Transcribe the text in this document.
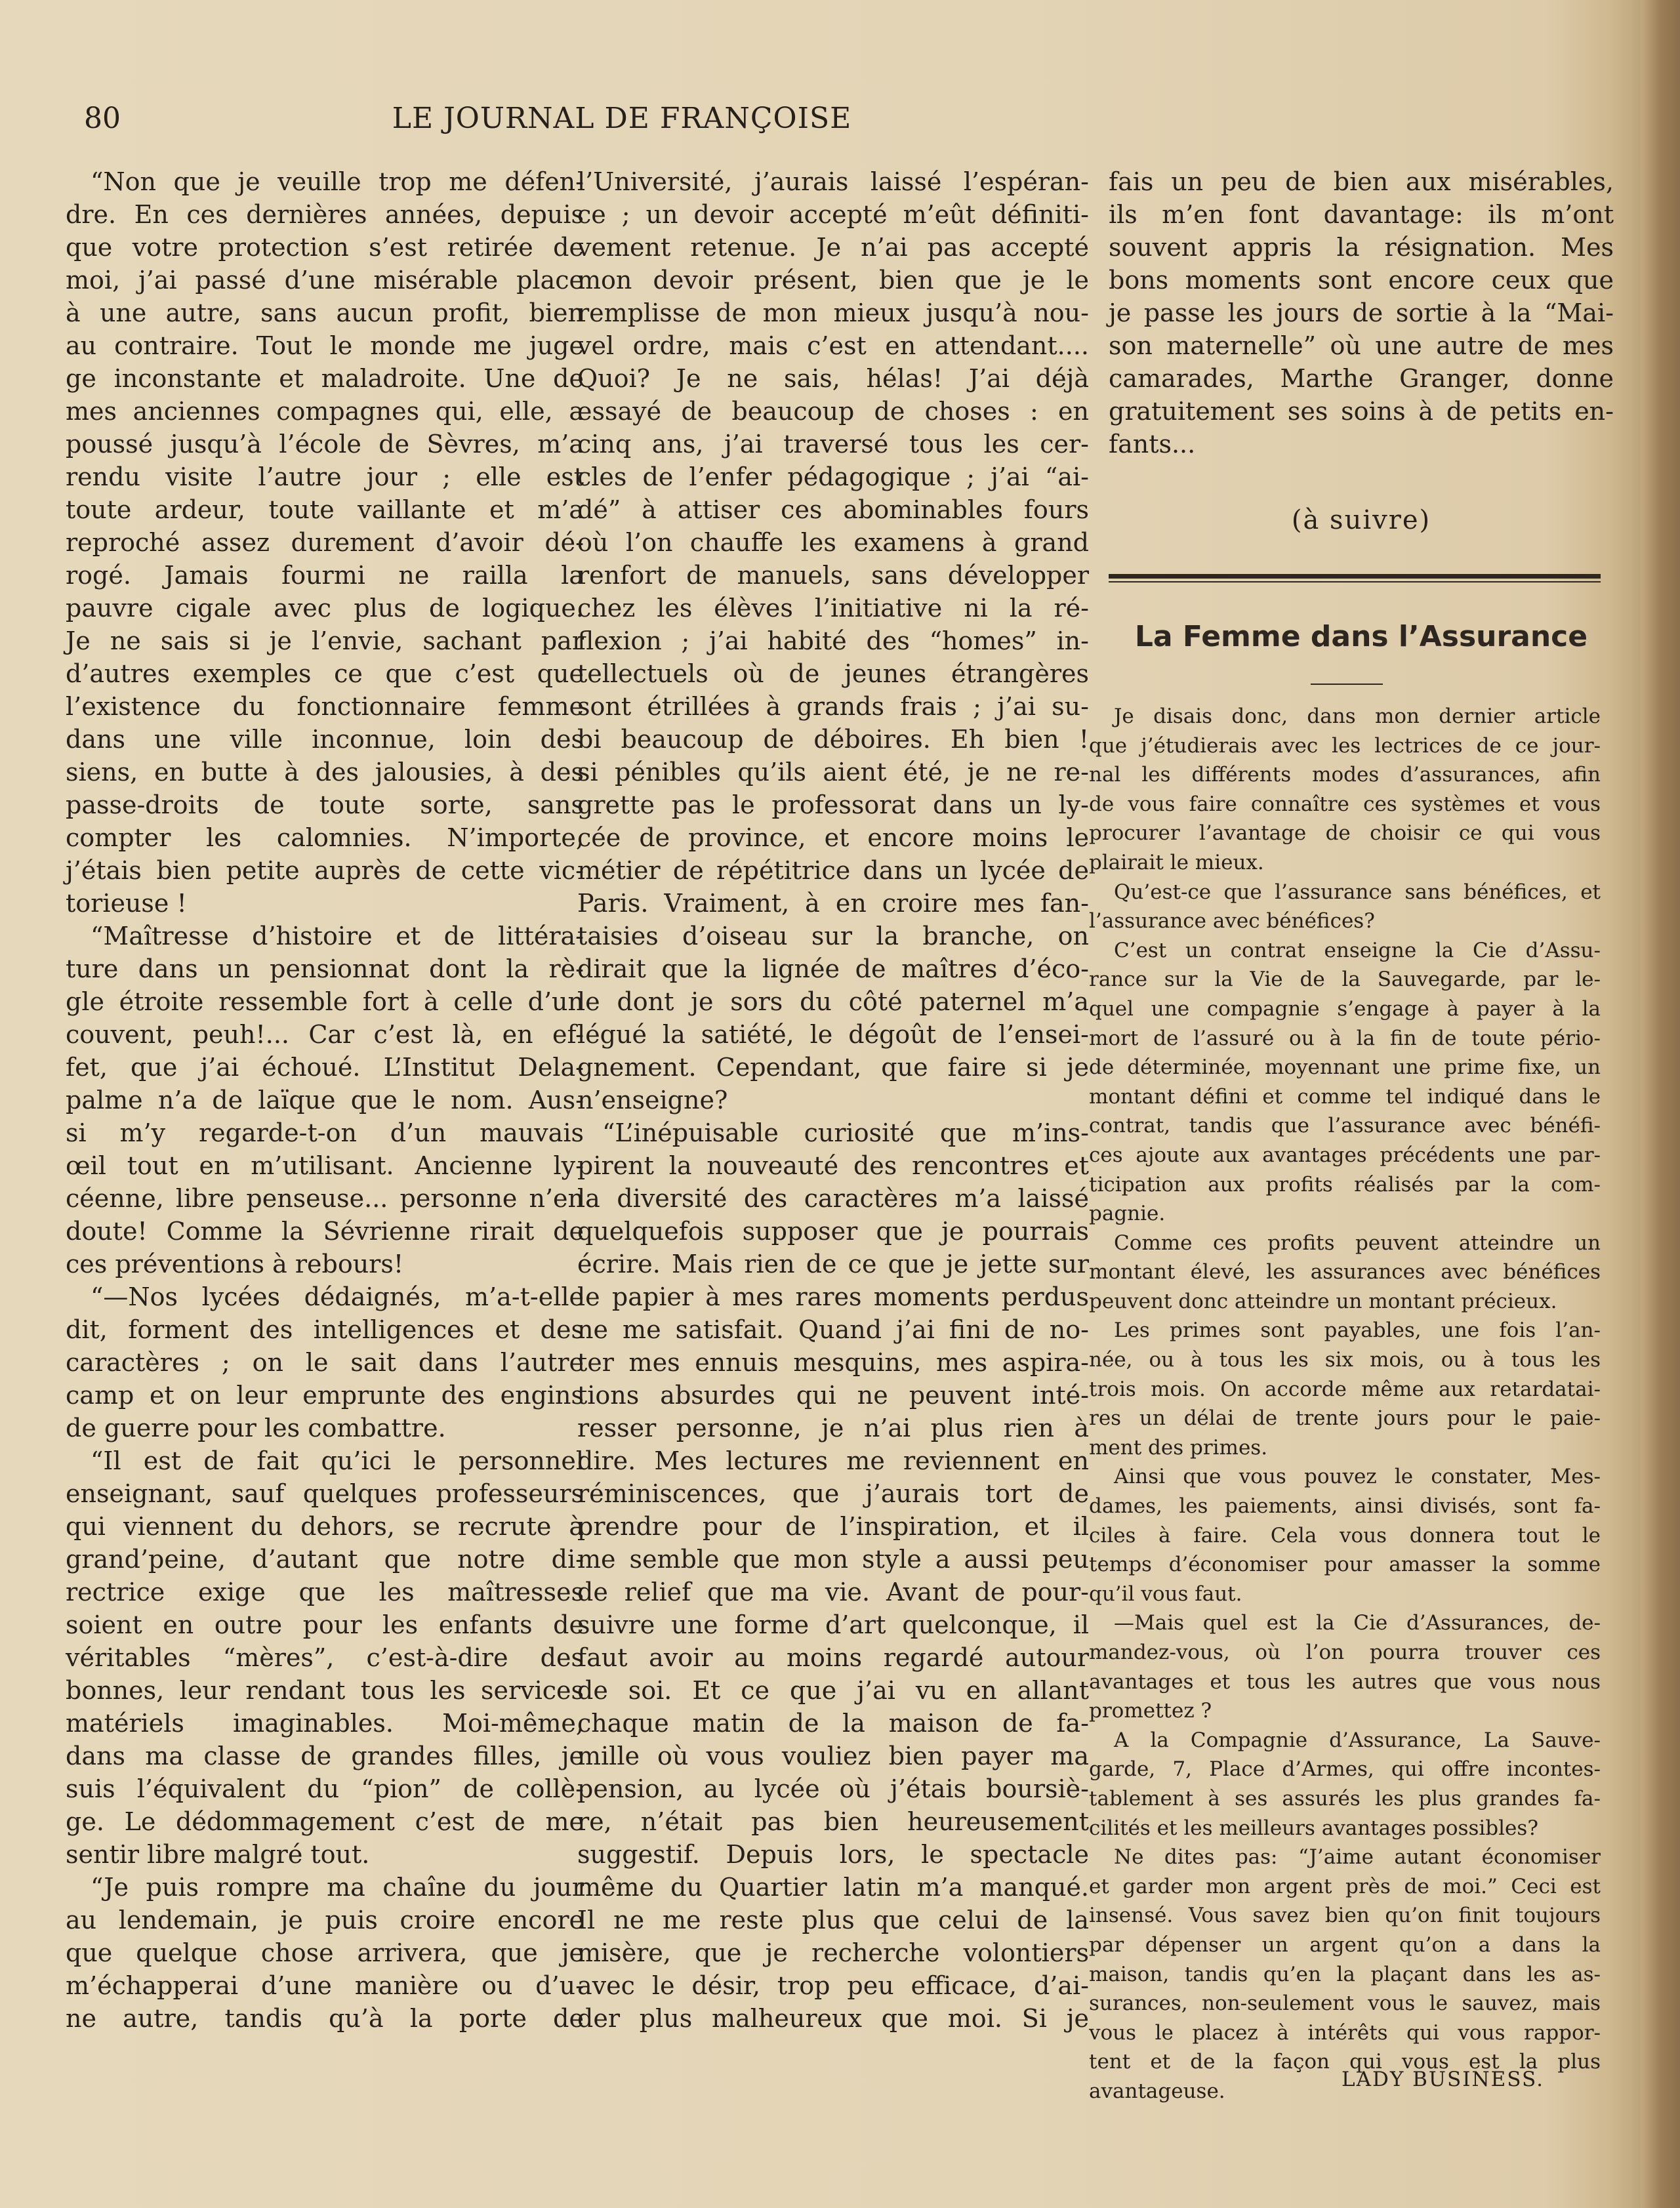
80	LE JOURNAL DE FRANÇOISE
“Non que je veuille trop me défen-
dre. En ces dernières années, depuis
que votre protection s’est retirée de
moi, j’ai passé d’une misérable place
à une autre, sans aucun profit, bien
au contraire. Tout le monde me juge
ge inconstante et maladroite. Une de
mes anciennes compagnes qui, elle, a
poussé jusqu’à l’école de Sèvres, m’a
rendu visite l’autre jour ; elle est
toute ardeur, toute vaillante et m’a
reproché assez durement d’avoir dé-
rogé. Jamais fourmi ne railla la
pauvre cigale avec plus de logique.
Je ne sais si je l’envie, sachant par
d’autres exemples ce que c’est que
l’existence du fonctionnaire femme
dans une ville inconnue, loin des
siens, en butte à des jalousies, à des
passe-droits de toute sorte, sans
compter les calomnies. N’importe,
j’étais bien petite auprès de cette vic-
torieuse !
“Maîtresse d’histoire et de littéra-
ture dans un pensionnat dont la rè-
gle étroite ressemble fort à celle d’un
couvent, peuh!... Car c’est là, en ef-
fet, que j’ai échoué. L’Institut Dela-
palme n’a de laïque que le nom. Aus-
si m’y regarde-t-on d’un mauvais
œil tout en m’utilisant. Ancienne ly-
céenne, libre penseuse... personne n’en
doute! Comme la Sévrienne rirait de
ces préventions à rebours!
“—Nos lycées dédaignés, m’a-t-elle
dit, forment des intelligences et des
caractères ; on le sait dans l’autre
camp et on leur emprunte des engins
de guerre pour les combattre.
“Il est de fait qu’ici le personnel
enseignant, sauf quelques professeurs
qui viennent du dehors, se recrute à
grand’peine, d’autant que notre di-
rectrice exige que les maîtresses
soient en outre pour les enfants de
véritables “mères”, c’est-à-dire des
bonnes, leur rendant tous les services
matériels imaginables. Moi-même,
dans ma classe de grandes filles, je
suis l’équivalent du “pion” de collè-
ge. Le dédommagement c’est de me
sentir libre malgré tout.
“Je puis rompre ma chaîne du jour
au lendemain, je puis croire encore
que quelque chose arrivera, que je
m’échapperai d’une manière ou d’u-
ne autre, tandis qu’à la porte de
l’Université, j’aurais laissé l’espéran-
ce ; un devoir accepté m’eût définiti-
vement retenue. Je n’ai pas accepté
mon devoir présent, bien que je le
remplisse de mon mieux jusqu’à nou-
vel ordre, mais c’est en attendant....
Quoi? Je ne sais, hélas! J’ai déjà
essayé de beaucoup de choses : en
cinq ans, j’ai traversé tous les cer-
cles de l’enfer pédagogique ; j’ai “ai-
dé” à attiser ces abominables fours
où l’on chauffe les examens à grand
renfort de manuels, sans développer
chez les élèves l’initiative ni la ré-
flexion ; j’ai habité des “homes” in-
tellectuels où de jeunes étrangères
sont étrillées à grands frais ; j’ai su-
bi beaucoup de déboires. Eh bien !
si pénibles qu’ils aient été, je ne re-
grette pas le professorat dans un ly-
cée de province, et encore moins le
métier de répétitrice dans un lycée de
Paris. Vraiment, à en croire mes fan-
taisies d’oiseau sur la branche, on
dirait que la lignée de maîtres d’éco-
le dont je sors du côté paternel m’a
légué la satiété, le dégoût de l’ensei-
gnement. Cependant, que faire si je
n’enseigne?
“L’inépuisable curiosité que m’ins-
pirent la nouveauté des rencontres et
la diversité des caractères m’a laissé
quelquefois supposer que je pourrais
écrire. Mais rien de ce que je jette sur
le papier à mes rares moments perdus
ne me satisfait. Quand j’ai fini de no-
ter mes ennuis mesquins, mes aspira-
tions absurdes qui ne peuvent inté-
resser personne, je n’ai plus rien à
dire. Mes lectures me reviennent en
réminiscences, que j’aurais tort de
prendre pour de l’inspiration, et il
me semble que mon style a aussi peu
de relief que ma vie. Avant de pour-
suivre une forme d’art quelconque, il
faut avoir au moins regardé autour
de soi. Et ce que j’ai vu en allant
chaque matin de la maison de fa-
mille où vous vouliez bien payer ma
pension, au lycée où j’étais boursiè-
re, n’était pas bien heureusement
suggestif. Depuis lors, le spectacle
même du Quartier latin m’a manqué.
Il ne me reste plus que celui de la
misère, que je recherche volontiers
avec le désir, trop peu efficace, d’ai-
der plus malheureux que moi. Si je
fais un peu de bien aux misérables,
ils m’en font davantage: ils m’ont
souvent appris la résignation. Mes
bons moments sont encore ceux que
je passe les jours de sortie à la “Mai-
son maternelle” où une autre de mes
camarades, Marthe Granger, donne
gratuitement ses soins à de petits en-
fants...
(à suivre)
La Femme dans l’Assurance
Je disais donc, dans mon dernier article
que j’étudierais avec les lectrices de ce jour-
nal les différents modes d’assurances, afin
de vous faire connaître ces systèmes et vous
procurer l’avantage de choisir ce qui vous
plairait le mieux.
Qu’est-ce que l’assurance sans bénéfices, et
l’assurance avec bénéfices?
C’est un contrat enseigne la Cie d’Assu-
rance sur la Vie de la Sauvegarde, par le-
quel une compagnie s’engage à payer à la
mort de l’assuré ou à la fin de toute pério-
de déterminée, moyennant une prime fixe, un
montant défini et comme tel indiqué dans le
contrat, tandis que l’assurance avec bénéfi-
ces ajoute aux avantages précédents une par-
ticipation aux profits réalisés par la com-
pagnie.
Comme ces profits peuvent atteindre un
montant élevé, les assurances avec bénéfices
peuvent donc atteindre un montant précieux.
Les primes sont payables, une fois l’an-
née, ou à tous les six mois, ou à tous les
trois mois. On accorde même aux retardatai-
res un délai de trente jours pour le paie-
ment des primes.
Ainsi que vous pouvez le constater, Mes-
dames, les paiements, ainsi divisés, sont fa-
ciles à faire. Cela vous donnera tout le
temps d’économiser pour amasser la somme
qu’il vous faut.
—Mais quel est la Cie d’Assurances, de-
mandez-vous, où l’on pourra trouver ces
avantages et tous les autres que vous nous
promettez ?
A la Compagnie d’Assurance, La Sauve-
garde, 7, Place d’Armes, qui offre incontes-
tablement à ses assurés les plus grandes fa-
cilités et les meilleurs avantages possibles?
Ne dites pas: “J’aime autant économiser
et garder mon argent près de moi.” Ceci est
insensé. Vous savez bien qu’on finit toujours
par dépenser un argent qu’on a dans la
maison, tandis qu’en la plaçant dans les as-
surances, non-seulement vous le sauvez, mais
vous le placez à intérêts qui vous rappor-
tent et de la façon qui vous est la plus
avantageuse.	LADY BUSINESS.
